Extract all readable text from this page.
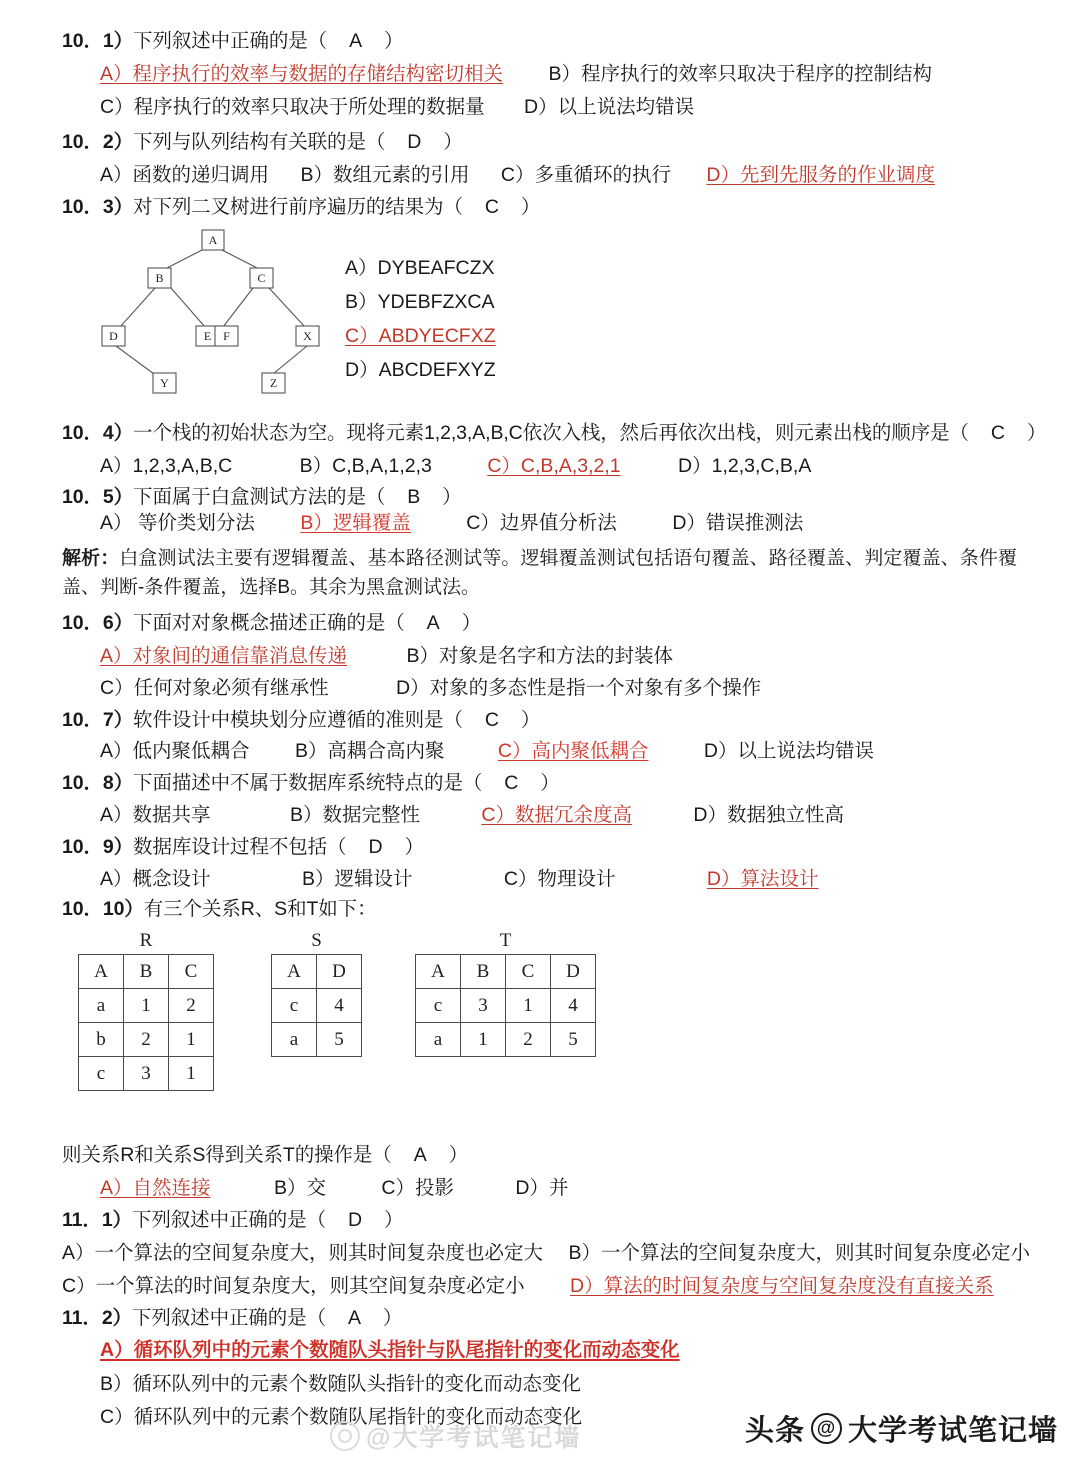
10．1）下列叙述中正确的是（ A ）
A）程序执行的效率与数据的存储结构密切相关 B）程序执行的效率只取决于程序的控制结构
C）程序执行的效率只取决于所处理的数据量 D）以上说法均错误
10．2）下列与队列结构有关联的是（ D ）
A）函数的递归调用 B）数组元素的引用 C）多重循环的执行 D）先到先服务的作业调度
10．3）对下列二叉树进行前序遍历的结果为（ C ）
A
B	C
D	E F	X
Y	Z
A）DYBEAFCZX
B）YDEBFZXCA
C）ABDYECFXZ
D）ABCDEFXYZ
10．4）一个栈的初始状态为空。现将元素1,2,3,A,B,C依次入栈，然后再依次出栈，则元素出栈的顺序是（ C ）
A）1,2,3,A,B,C	B）C,B,A,1,2,3	C）C,B,A,3,2,1	D）1,2,3,C,B,A
10．5）下面属于白盒测试方法的是（ B ）
A） 等价类划分法 B）逻辑覆盖	C）边界值分析法	D）错误推测法
解析：白盒测试法主要有逻辑覆盖、基本路径测试等。逻辑覆盖测试包括语句覆盖、路径覆盖、判定覆盖、条件覆盖、判断-条件覆盖，选择B。其余为黑盒测试法。
10．6）下面对对象概念描述正确的是（ A ）
A）对象间的通信靠消息传递	B）对象是名字和方法的封装体
C）任何对象必须有继承性	D）对象的多态性是指一个对象有多个操作
10．7）软件设计中模块划分应遵循的准则是（ C ）
A）低内聚低耦合 B）高耦合高内聚	C）高内聚低耦合	D）以上说法均错误
10．8）下面描述中不属于数据库系统特点的是（ C ）
A）数据共享	B）数据完整性	C）数据冗余度高	D）数据独立性高
10．9）数据库设计过程不包括（ D ）
A）概念设计	B）逻辑设计	C）物理设计	D）算法设计
10．10）有三个关系R、S和T如下：
R
A	B	C
a	1	2
b	2	1
c	3	1
S
A	D
c	4
a	5
T
A	B	C	D
c	3	1	4
a	1	2	5
则关系R和关系S得到关系T的操作是（ A ）
A）自然连接	B）交	C）投影	D）并
11．1）下列叙述中正确的是（ D ）
A）一个算法的空间复杂度大，则其时间复杂度也必定大 B）一个算法的空间复杂度大，则其时间复杂度必定小
C）一个算法的时间复杂度大，则其空间复杂度必定小 D）算法的时间复杂度与空间复杂度没有直接关系
11．2）下列叙述中正确的是（ A ）
A）循环队列中的元素个数随队头指针与队尾指针的变化而动态变化
B）循环队列中的元素个数随队头指针的变化而动态变化
C）循环队列中的元素个数随队尾指针的变化而动态变化
@大学考试笔记墙	头条 @ 大学考试笔记墙
